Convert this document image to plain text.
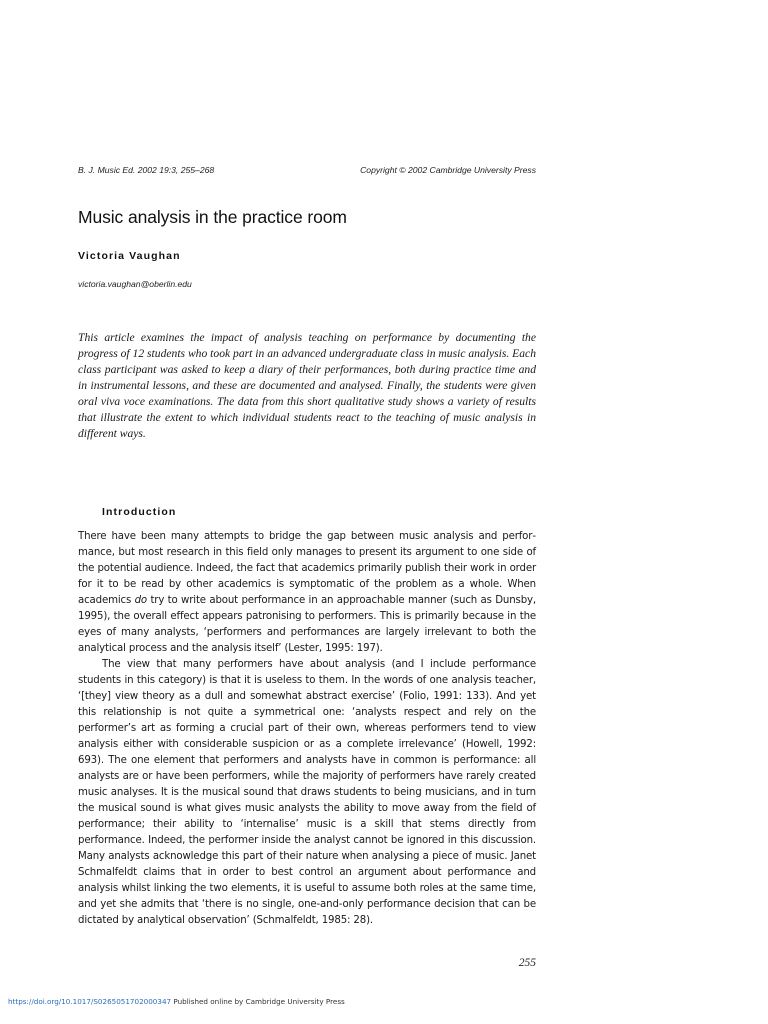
B. J. Music Ed. 2002 19:3, 255–268	Copyright © 2002 Cambridge University Press
Music analysis in the practice room
Victoria Vaughan
victoria.vaughan@oberlin.edu

This article examines the impact of analysis teaching on performance by documenting the progress of 12 students who took part in an advanced undergraduate class in music analysis. Each class participant was asked to keep a diary of their performances, both during practice time and in instrumental lessons, and these are documented and analysed. Finally, the students were given oral viva voce examinations. The data from this short qualitative study shows a variety of results that illustrate the extent to which individual students react to the teaching of music analysis in different ways.

Introduction

There have been many attempts to bridge the gap between music analysis and performance, but most research in this field only manages to present its argument to one side of the potential audience. Indeed, the fact that academics primarily publish their work in order for it to be read by other academics is symptomatic of the problem as a whole. When academics do try to write about performance in an approachable manner (such as Dunsby, 1995), the overall effect appears patronising to performers. This is primarily because in the eyes of many analysts, ‘performers and performances are largely irrelevant to both the analytical process and the analysis itself’ (Lester, 1995: 197).

The view that many performers have about analysis (and I include performance students in this category) is that it is useless to them. In the words of one analysis teacher, ‘[they] view theory as a dull and somewhat abstract exercise’ (Folio, 1991: 133). And yet this relationship is not quite a symmetrical one: ‘analysts respect and rely on the performer’s art as forming a crucial part of their own, whereas performers tend to view analysis either with considerable suspicion or as a complete irrelevance’ (Howell, 1992: 693). The one element that performers and analysts have in common is performance: all analysts are or have been performers, while the majority of performers have rarely created music analyses. It is the musical sound that draws students to being musicians, and in turn the musical sound is what gives music analysts the ability to move away from the field of performance; their ability to ‘internalise’ music is a skill that stems directly from performance. Indeed, the performer inside the analyst cannot be ignored in this discussion. Many analysts acknowledge this part of their nature when analysing a piece of music. Janet Schmalfeldt claims that in order to best control an argument about performance and analysis whilst linking the two elements, it is useful to assume both roles at the same time, and yet she admits that ‘there is no single, one-and-only performance decision that can be dictated by analytical observation’ (Schmalfeldt, 1985: 28).

255
https://doi.org/10.1017/S0265051702000347 Published online by Cambridge University Press
